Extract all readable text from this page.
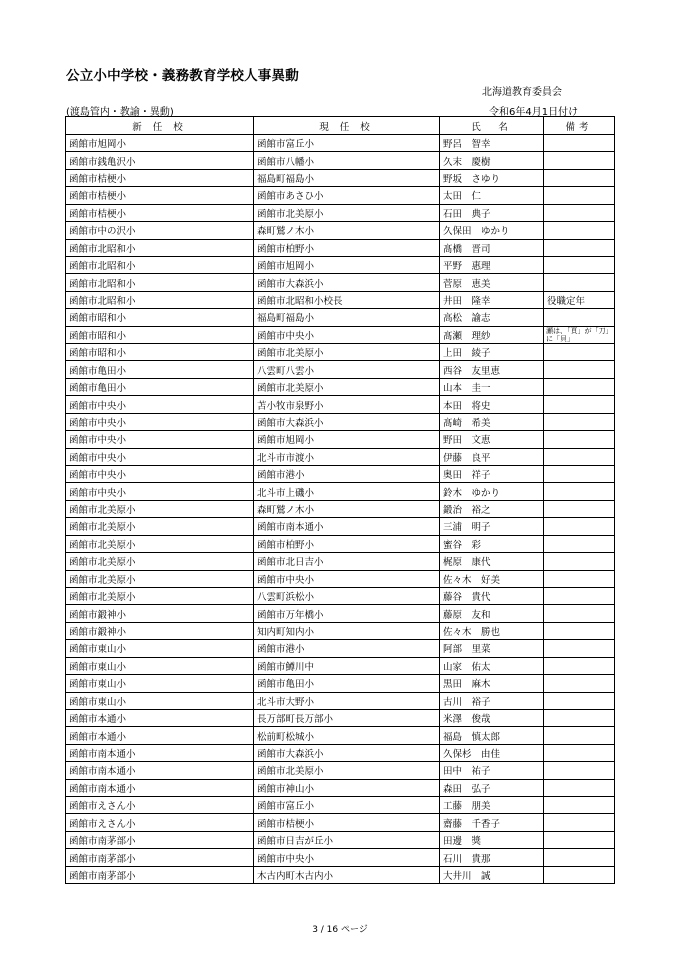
公立小中学校・義務教育学校人事異動
北海道教育委員会
(渡島管内・教諭・異動)	令和6年4月1日付け
新 任 校	現 任 校	氏　名	備考
函館市旭岡小	函館市富丘小	野呂　智幸	
函館市銭亀沢小	函館市八幡小	久末　慶樹	
函館市桔梗小	福島町福島小	野坂　さゆり	
函館市桔梗小	函館市あさひ小	太田　仁	
函館市桔梗小	函館市北美原小	石田　典子	
函館市中の沢小	森町鷲ノ木小	久保田　ゆかり	
函館市北昭和小	函館市柏野小	髙橋　晋司	
函館市北昭和小	函館市旭岡小	平野　惠理	
函館市北昭和小	函館市大森浜小	菅原　恵美	
函館市北昭和小	函館市北昭和小校長	井田　隆幸	役職定年
函館市昭和小	福島町福島小	高松　諭志	
函館市昭和小	函館市中央小	髙瀬　理紗	瀬は、「頁」が「刀」に「貝」
函館市昭和小	函館市北美原小	上田　綾子	
函館市亀田小	八雲町八雲小	西谷　友里恵	
函館市亀田小	函館市北美原小	山本　圭一	
函館市中央小	苫小牧市泉野小	本田　将史	
函館市中央小	函館市大森浜小	髙崎　希美	
函館市中央小	函館市旭岡小	野田　文恵	
函館市中央小	北斗市市渡小	伊藤　良平	
函館市中央小	函館市港小	奥田　祥子	
函館市中央小	北斗市上磯小	鈴木　ゆかり	
函館市北美原小	森町鷲ノ木小	鍛治　裕之	
函館市北美原小	函館市南本通小	三浦　明子	
函館市北美原小	函館市柏野小	蜜谷　彩	
函館市北美原小	函館市北日吉小	梶原　康代	
函館市北美原小	函館市中央小	佐々木　好美	
函館市北美原小	八雲町浜松小	藤谷　貴代	
函館市鍛神小	函館市万年橋小	藤原　友和	
函館市鍛神小	知内町知内小	佐々木　勝也	
函館市東山小	函館市港小	阿部　里菜	
函館市東山小	函館市鱒川中	山家　佑太	
函館市東山小	函館市亀田小	黒田　麻木	
函館市東山小	北斗市大野小	古川　裕子	
函館市本通小	長万部町長万部小	米澤　俊哉	
函館市本通小	松前町松城小	福島　慎太郎	
函館市南本通小	函館市大森浜小	久保杉　由佳	
函館市南本通小	函館市北美原小	田中　祐子	
函館市南本通小	函館市神山小	森田　弘子	
函館市えさん小	函館市富丘小	工藤　朋美	
函館市えさん小	函館市桔梗小	齋藤　千香子	
函館市南茅部小	函館市日吉が丘小	田邊　獎	
函館市南茅部小	函館市中央小	石川　貴那	
函館市南茅部小	木古内町木古内小	大井川　誠	
3 / 16 ページ
